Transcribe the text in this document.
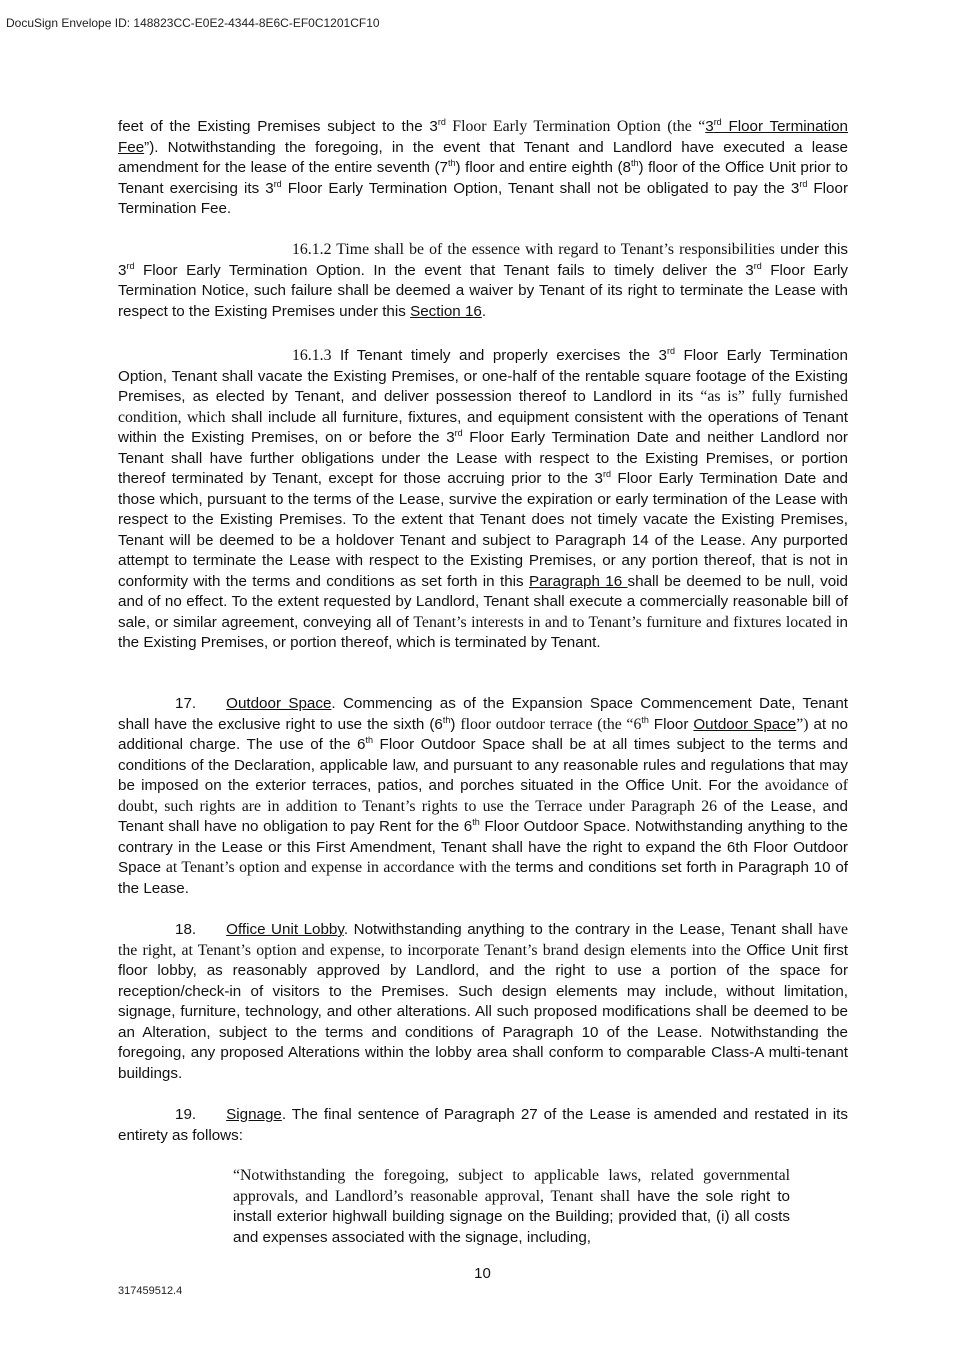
DocuSign Envelope ID: 148823CC-E0E2-4344-8E6C-EF0C1201CF10

feet of the Existing Premises subject to the 3rd Floor Early Termination Option (the “3rd Floor Termination Fee”). Notwithstanding the foregoing, in the event that Tenant and Landlord have executed a lease amendment for the lease of the entire seventh (7th) floor and entire eighth (8th) floor of the Office Unit prior to Tenant exercising its 3rd Floor Early Termination Option, Tenant shall not be obligated to pay the 3rd Floor Termination Fee.

16.1.2 Time shall be of the essence with regard to Tenant’s responsibilities under this 3rd Floor Early Termination Option. In the event that Tenant fails to timely deliver the 3rd Floor Early Termination Notice, such failure shall be deemed a waiver by Tenant of its right to terminate the Lease with respect to the Existing Premises under this Section 16.

16.1.3 If Tenant timely and properly exercises the 3rd Floor Early Termination Option, Tenant shall vacate the Existing Premises, or one-half of the rentable square footage of the Existing Premises, as elected by Tenant, and deliver possession thereof to Landlord in its “as is” fully furnished condition, which shall include all furniture, fixtures, and equipment consistent with the operations of Tenant within the Existing Premises, on or before the 3rd Floor Early Termination Date and neither Landlord nor Tenant shall have further obligations under the Lease with respect to the Existing Premises, or portion thereof terminated by Tenant, except for those accruing prior to the 3rd Floor Early Termination Date and those which, pursuant to the terms of the Lease, survive the expiration or early termination of the Lease with respect to the Existing Premises. To the extent that Tenant does not timely vacate the Existing Premises, Tenant will be deemed to be a holdover Tenant and subject to Paragraph 14 of the Lease. Any purported attempt to terminate the Lease with respect to the Existing Premises, or any portion thereof, that is not in conformity with the terms and conditions as set forth in this Paragraph 16 shall be deemed to be null, void and of no effect. To the extent requested by Landlord, Tenant shall execute a commercially reasonable bill of sale, or similar agreement, conveying all of Tenant’s interests in and to Tenant’s furniture and fixtures located in the Existing Premises, or portion thereof, which is terminated by Tenant.

17. Outdoor Space. Commencing as of the Expansion Space Commencement Date, Tenant shall have the exclusive right to use the sixth (6th) floor outdoor terrace (the “6th Floor Outdoor Space”) at no additional charge. The use of the 6th Floor Outdoor Space shall be at all times subject to the terms and conditions of the Declaration, applicable law, and pursuant to any reasonable rules and regulations that may be imposed on the exterior terraces, patios, and porches situated in the Office Unit. For the avoidance of doubt, such rights are in addition to Tenant’s rights to use the Terrace under Paragraph 26 of the Lease, and Tenant shall have no obligation to pay Rent for the 6th Floor Outdoor Space. Notwithstanding anything to the contrary in the Lease or this First Amendment, Tenant shall have the right to expand the 6th Floor Outdoor Space at Tenant’s option and expense in accordance with the terms and conditions set forth in Paragraph 10 of the Lease.

18. Office Unit Lobby. Notwithstanding anything to the contrary in the Lease, Tenant shall have the right, at Tenant’s option and expense, to incorporate Tenant’s brand design elements into the Office Unit first floor lobby, as reasonably approved by Landlord, and the right to use a portion of the space for reception/check-in of visitors to the Premises. Such design elements may include, without limitation, signage, furniture, technology, and other alterations. All such proposed modifications shall be deemed to be an Alteration, subject to the terms and conditions of Paragraph 10 of the Lease. Notwithstanding the foregoing, any proposed Alterations within the lobby area shall conform to comparable Class-A multi-tenant buildings.

19. Signage. The final sentence of Paragraph 27 of the Lease is amended and restated in its entirety as follows:

“Notwithstanding the foregoing, subject to applicable laws, related governmental approvals, and Landlord’s reasonable approval, Tenant shall have the sole right to install exterior highwall building signage on the Building; provided that, (i) all costs and expenses associated with the signage, including,

10
317459512.4
